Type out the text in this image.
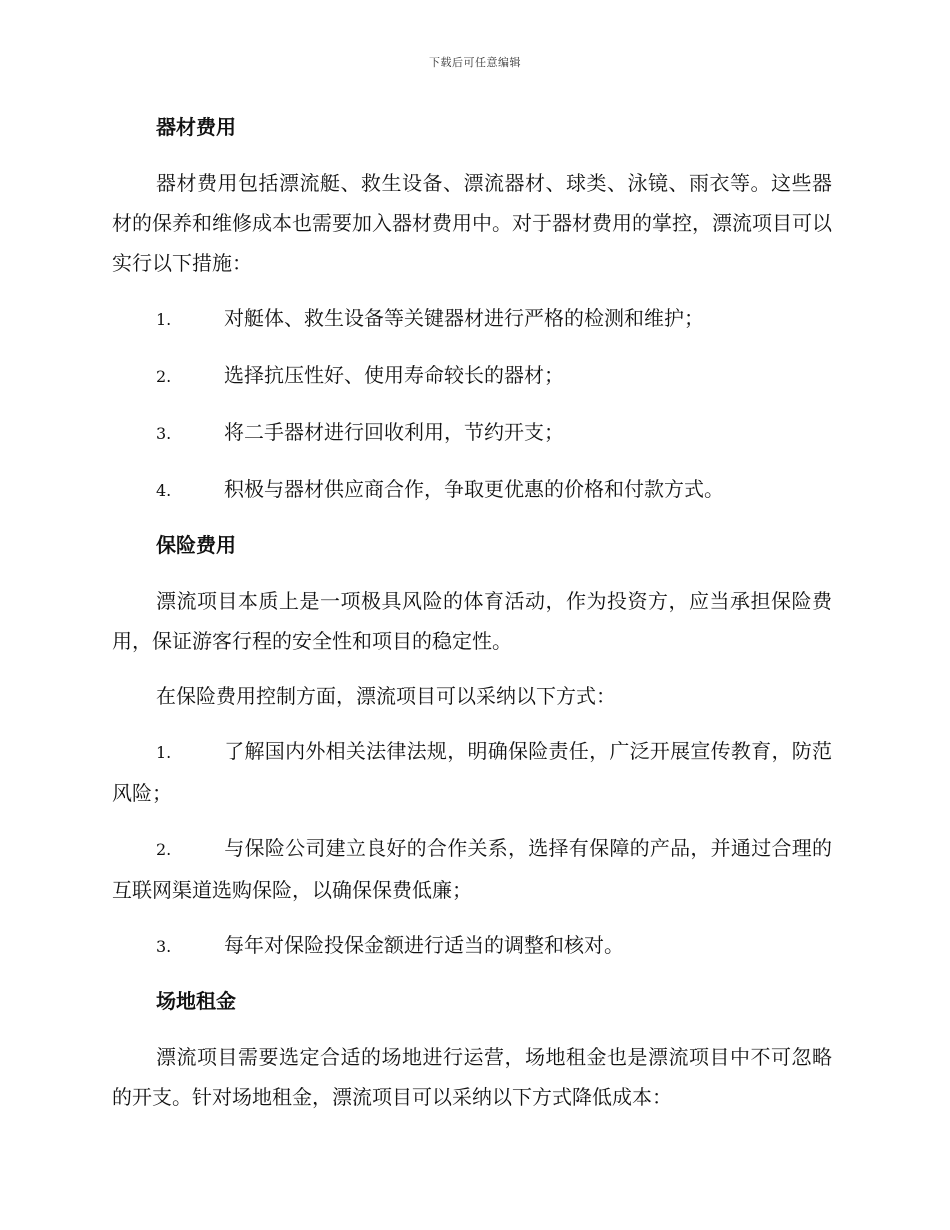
下载后可任意编辑
器材费用

器材费用包括漂流艇、救生设备、漂流器材、球类、泳镜、雨衣等。这些器材的保养和维修成本也需要加入器材费用中。对于器材费用的掌控，漂流项目可以实行以下措施：

1.	对艇体、救生设备等关键器材进行严格的检测和维护；
2.	选择抗压性好、使用寿命较长的器材；
3.	将二手器材进行回收利用，节约开支；
4.	积极与器材供应商合作，争取更优惠的价格和付款方式。
保险费用

漂流项目本质上是一项极具风险的体育活动，作为投资方，应当承担保险费用，保证游客行程的安全性和项目的稳定性。

在保险费用控制方面，漂流项目可以采纳以下方式：

1.	了解国内外相关法律法规，明确保险责任，广泛开展宣传教育，防范风险；
2.	与保险公司建立良好的合作关系，选择有保障的产品，并通过合理的互联网渠道选购保险，以确保保费低廉；
3.	每年对保险投保金额进行适当的调整和核对。
场地租金

漂流项目需要选定合适的场地进行运营，场地租金也是漂流项目中不可忽略的开支。针对场地租金，漂流项目可以采纳以下方式降低成本：
